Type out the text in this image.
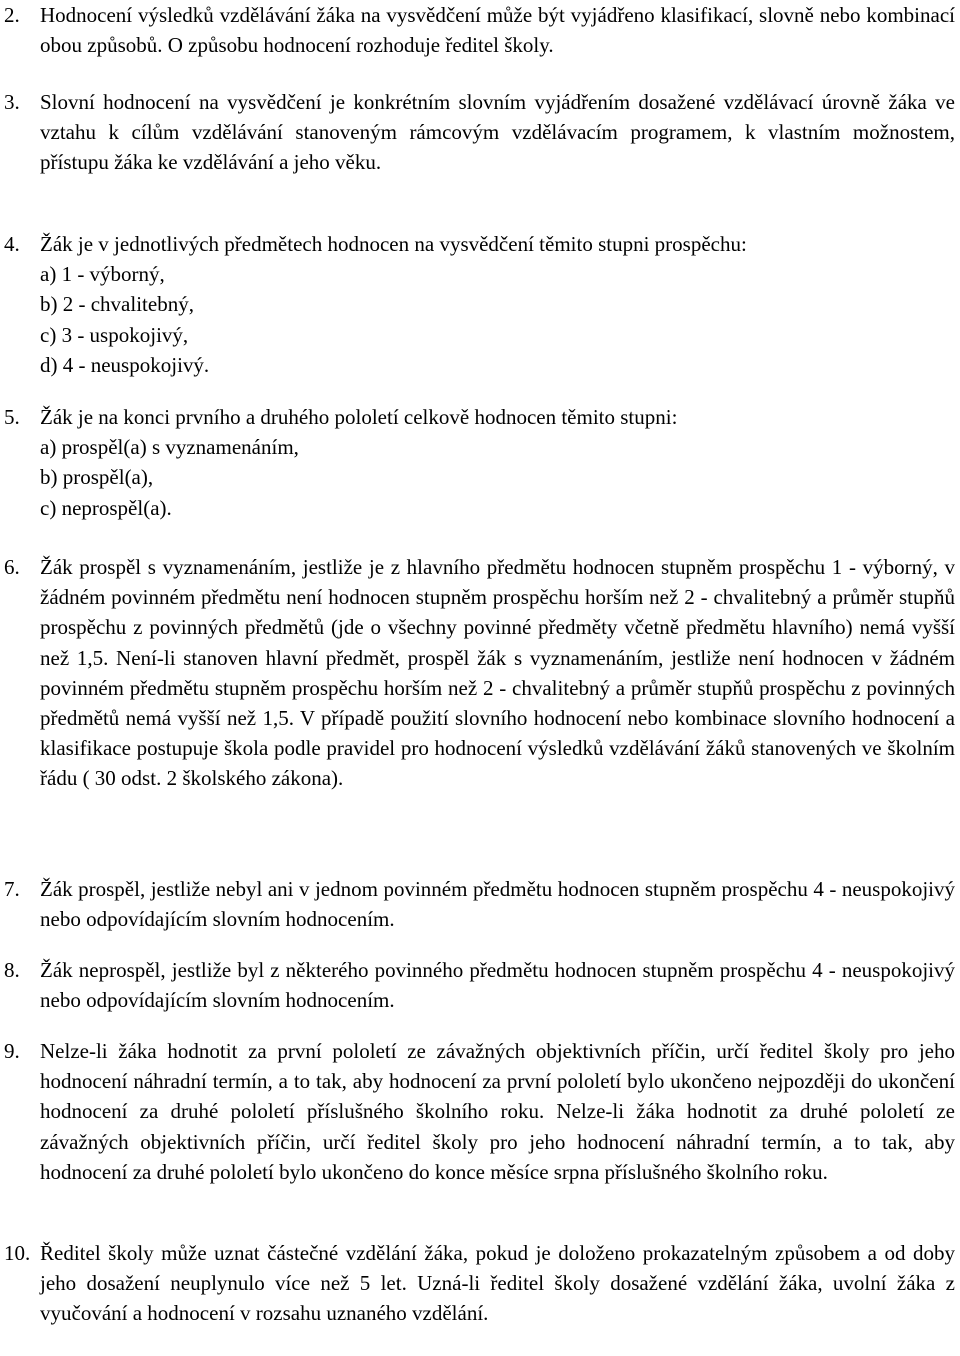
2. Hodnocení výsledků vzdělávání žáka na vysvědčení může být vyjádřeno klasifikací, slovně nebo kombinací obou způsobů. O způsobu hodnocení rozhoduje ředitel školy.
3. Slovní hodnocení na vysvědčení je konkrétním slovním vyjádřením dosažené vzdělávací úrovně žáka ve vztahu k cílům vzdělávání stanoveným rámcovým vzdělávacím programem, k vlastním možnostem, přístupu žáka ke vzdělávání a jeho věku.
4. Žák je v jednotlivých předmětech hodnocen na vysvědčení těmito stupni prospěchu:
a) 1 - výborný,
b) 2 - chvalitebný,
c) 3 - uspokojivý,
d) 4 - neuspokojivý.
5. Žák je na konci prvního a druhého pololetí celkově hodnocen těmito stupni:
a) prospěl(a) s vyznamenáním,
b) prospěl(a),
c) neprospěl(a).
6. Žák prospěl s vyznamenáním, jestliže je z hlavního předmětu hodnocen stupněm prospěchu 1 - výborný, v žádném povinném předmětu není hodnocen stupněm prospěchu horším než 2 - chvalitebný a průměr stupňů prospěchu z povinných předmětů (jde o všechny povinné předměty včetně předmětu hlavního) nemá vyšší než 1,5. Není-li stanoven hlavní předmět, prospěl žák s vyznamenáním, jestliže není hodnocen v žádném povinném předmětu stupněm prospěchu horším než 2 - chvalitebný a průměr stupňů prospěchu z povinných předmětů nemá vyšší než 1,5. V případě použití slovního hodnocení nebo kombinace slovního hodnocení a klasifikace postupuje škola podle pravidel pro hodnocení výsledků vzdělávání žáků stanovených ve školním řádu ( 30 odst. 2 školského zákona).
7. Žák prospěl, jestliže nebyl ani v jednom povinném předmětu hodnocen stupněm prospěchu 4 - neuspokojivý nebo odpovídajícím slovním hodnocením.
8. Žák neprospěl, jestliže byl z některého povinného předmětu hodnocen stupněm prospěchu 4 - neuspokojivý nebo odpovídajícím slovním hodnocením.
9. Nelze-li žáka hodnotit za první pololetí ze závažných objektivních příčin, určí ředitel školy pro jeho hodnocení náhradní termín, a to tak, aby hodnocení za první pololetí bylo ukončeno nejpozději do ukončení hodnocení za druhé pololetí příslušného školního roku. Nelze-li žáka hodnotit za druhé pololetí ze závažných objektivních příčin, určí ředitel školy pro jeho hodnocení náhradní termín, a to tak, aby hodnocení za druhé pololetí bylo ukončeno do konce měsíce srpna příslušného školního roku.
10. Ředitel školy může uznat částečné vzdělání žáka, pokud je doloženo prokazatelným způsobem a od doby jeho dosažení neuplynulo více než 5 let. Uzná-li ředitel školy dosažené vzdělání žáka, uvolní žáka z vyučování a hodnocení v rozsahu uznaného vzdělání.
